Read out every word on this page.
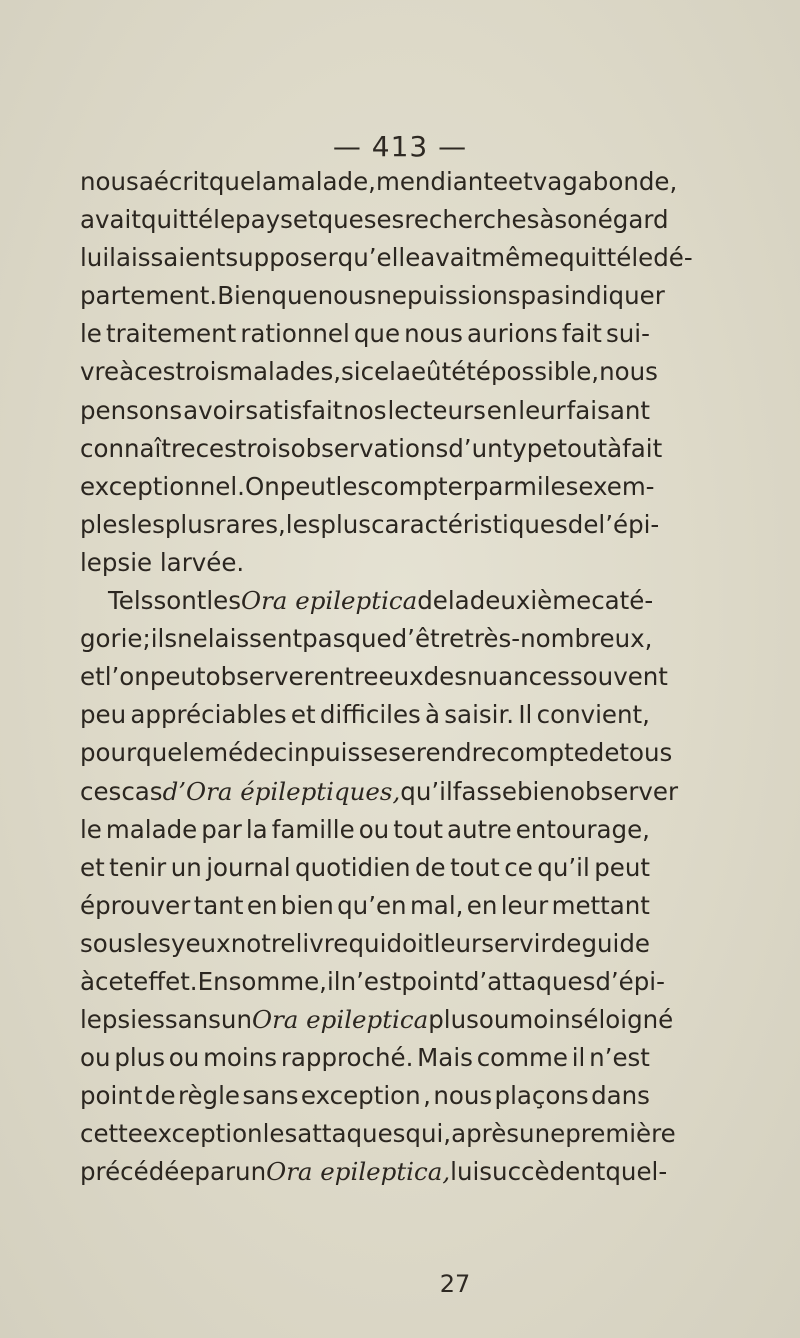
— 413 —
nous a écrit que la malade, mendiante et vagabonde,
avait quitté le pays et que ses recherches à son égard
lui laissaient supposer qu’elle avait même quitté le dé-
partement. Bien que nous ne puissions pas indiquer
le traitement rationnel que nous aurions fait sui-
vre à ces trois malades, si cela eût été possible, nous
pensons avoir satisfait nos lecteurs en leur faisant
connaître ces trois observations d’un type tout à fait
exceptionnel. On peut les compter parmi les exem-
ples les plus rares, les plus caractéristiques de l’épi-
lepsie
larvée.
Tels sont les Ora epileptica de la deuxième caté-
gorie; ils ne laissent pas que d’être très-nombreux,
et l’on peut observer entre eux des nuances souvent
peu appréciables et difficiles à saisir. Il convient,
pour que le médecin puisse se rendre compte de tous
ces cas d’Ora épileptiques, qu’il fasse bien observer
le malade par la famille ou tout autre entourage,
et tenir un journal quotidien de tout ce qu’il peut
éprouver tant en bien qu’en mal, en leur mettant
sous les yeux notre livre qui doit leur servir de guide
à cet effet. En somme, il n’est point d’attaques d’épi-
lepsies sans un Ora epileptica plus ou moins éloigné
ou plus ou moins rapproché. Mais comme il n’est
point de règle sans exception , nous plaçons dans
cette exception les attaques qui, après une première
précédée par un Ora epileptica, lui succèdent quel-
27
